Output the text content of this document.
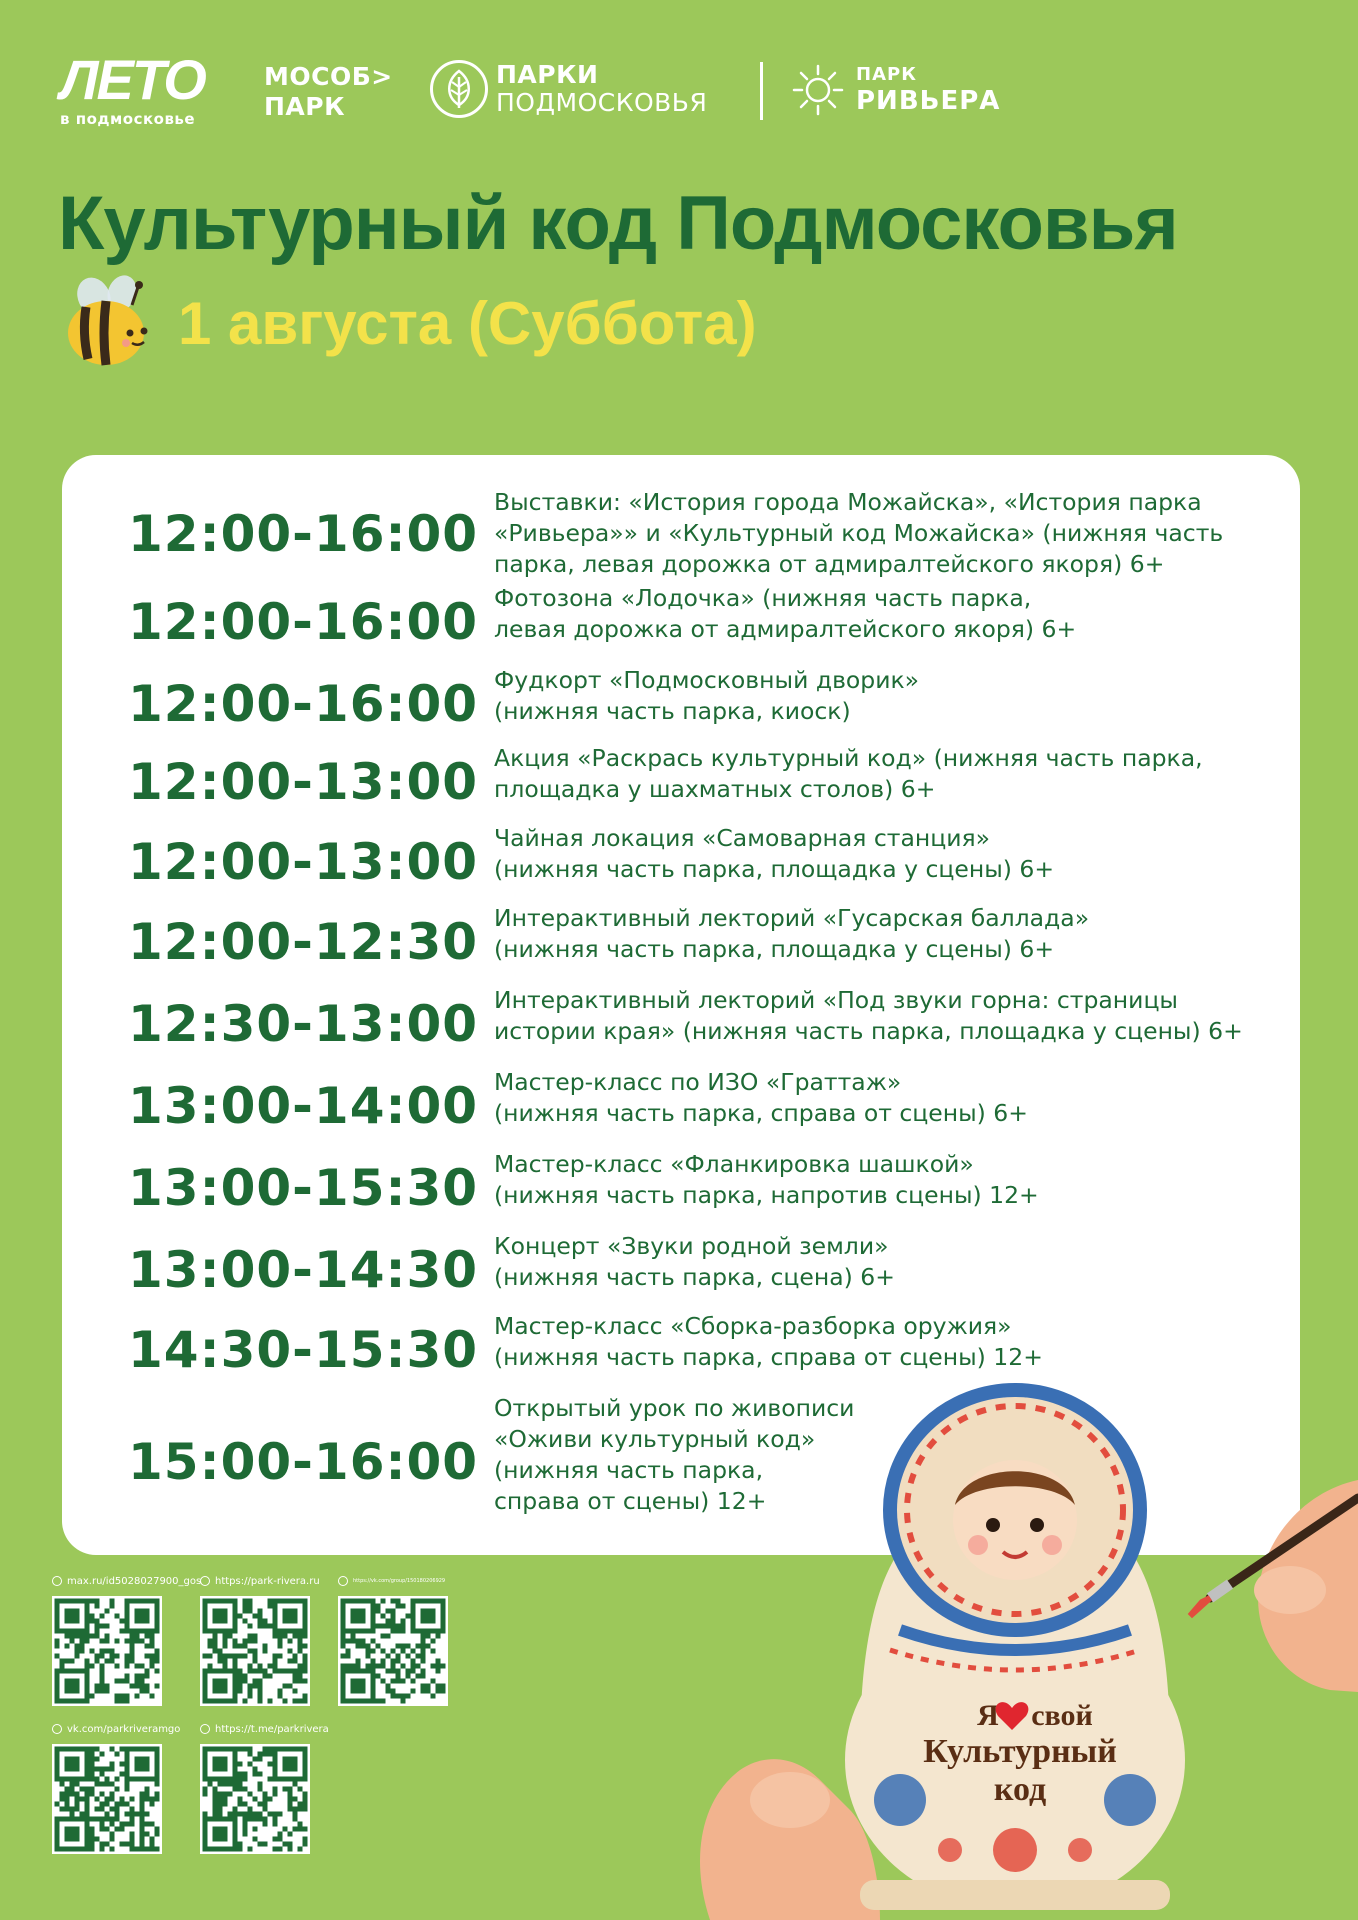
ЛЕТО
в подмосковье
МОСОБ>
ПАРК
ПАРКИ
ПОДМОСКОВЬЯ
ПАРК
РИВЬЕРА
Культурный код Подмосковья
1 августа (Суббота)
12:00-16:00
Выставки: «История города Можайска», «История парка
«Ривьера»» и «Культурный код Можайска» (нижняя часть
парка, левая дорожка от адмиралтейского якоря) 6+
12:00-16:00 Фотозона «Лодочка» (нижняя часть парка,
левая дорожка от адмиралтейского якоря) 6+
12:00-16:00 Фудкорт «Подмосковный дворик»
(нижняя часть парка, киоск)
12:00-13:00 Акция «Раскрась культурный код» (нижняя часть парка,
площадка у шахматных столов) 6+
12:00-13:00 Чайная локация «Самоварная станция»
(нижняя часть парка, площадка у сцены) 6+
12:00-12:30 Интерактивный лекторий «Гусарская баллада»
(нижняя часть парка, площадка у сцены) 6+
12:30-13:00 Интерактивный лекторий «Под звуки горна: страницы
истории края» (нижняя часть парка, площадка у сцены) 6+
13:00-14:00 Мастер-класс по ИЗО «Граттаж»
(нижняя часть парка, справа от сцены) 6+
13:00-15:30 Мастер-класс «Фланкировка шашкой»
(нижняя часть парка, напротив сцены) 12+
13:00-14:30 Концерт «Звуки родной земли»
(нижняя часть парка, сцена) 6+
14:30-15:30 Мастер-класс «Сборка-разборка оружия»
(нижняя часть парка, справа от сцены) 12+
15:00-16:00
Открытый урок по живописи
«Оживи культурный код»
(нижняя часть парка,
справа от сцены) 12+
max.ru/id5028027900_gos https://park-rivera.ru	https://vk.com/group/150180206929
vk.com/parkriveramgo	https://t.me/parkrivera	Я свой
Культурный
код
